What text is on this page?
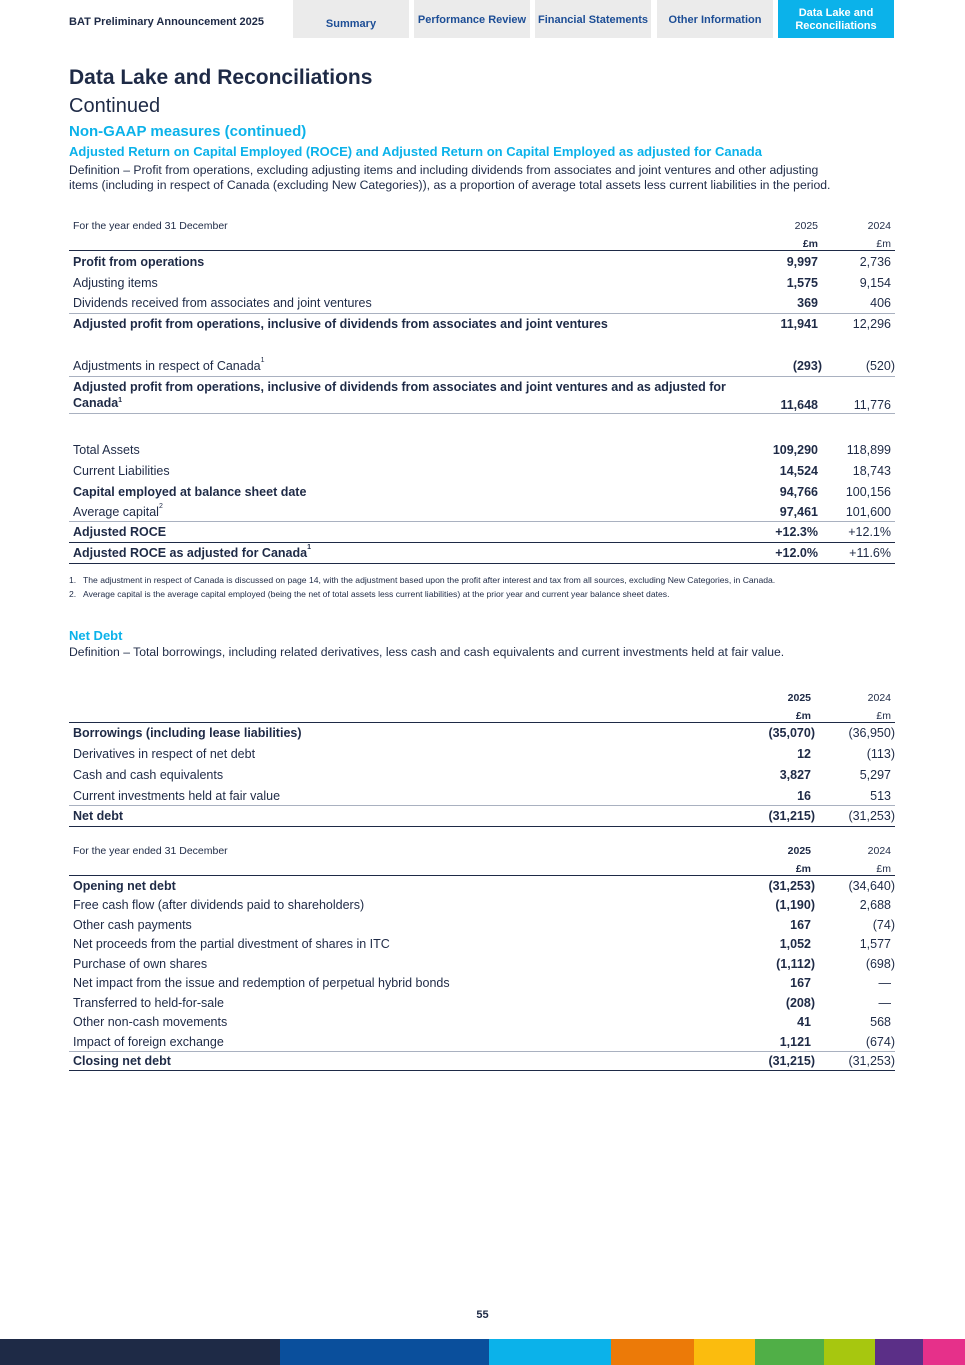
BAT Preliminary Announcement 2025	Summary	Performance Review	Financial Statements	Other Information
Data Lake and Reconciliations
Data Lake and Reconciliations
Continued
Non-GAAP measures (continued)
Adjusted Return on Capital Employed (ROCE) and Adjusted Return on Capital Employed as adjusted for Canada
Definition – Profit from operations, excluding adjusting items and including dividends from associates and joint ventures and other adjusting items (including in respect of Canada (excluding New Categories)), as a proportion of average total assets less current liabilities in the period.
For the year ended 31 December	2025	2024
£m	£m
Profit from operations	9,997	2,736
Adjusting items	1,575	9,154
Dividends received from associates and joint ventures	369	406
Adjusted profit from operations, inclusive of dividends from associates and joint ventures	11,941	12,296
Adjustments in respect of Canada$^1$	(293)	(520)
Adjusted profit from operations, inclusive of dividends from associates and joint ventures and as adjusted for Canada$^1$	11,648	11,776
Total Assets	109,290 118,899
Current Liabilities	14,524	18,743
Capital employed at balance sheet date	94,766 100,156
Average capital$^2$	97,461 101,600
Adjusted ROCE	+12.3% +12.1%
Adjusted ROCE as adjusted for Canada$^1$	+12.0% +11.6%
1. The adjustment in respect of Canada is discussed on page 14, with the adjustment based upon the profit after interest and tax from all sources, excluding New Categories, in Canada.
2. Average capital is the average capital employed (being the net of total assets less current liabilities) at the prior year and current year balance sheet dates.
Net Debt
Definition – Total borrowings, including related derivatives, less cash and cash equivalents and current investments held at fair value.
2025	2024
£m	£m
Borrowings (including lease liabilities)	(35,070)	(36,950)
Derivatives in respect of net debt	12	(113)
Cash and cash equivalents	3,827	5,297
Current investments held at fair value	16	513
Net debt	(31,215)	(31,253)
For the year ended 31 December	2025	2024
£m	£m
Opening net debt	(31,253)	(34,640)
Free cash flow (after dividends paid to shareholders)	(1,190)	2,688
Other cash payments	167	(74)
Net proceeds from the partial divestment of shares in ITC	1,052	1,577
Purchase of own shares	(1,112)	(698)
Net impact from the issue and redemption of perpetual hybrid bonds	167	—
Transferred to held-for-sale	(208)	—
Other non-cash movements	41	568
Impact of foreign exchange	1,121	(674)
Closing net debt	(31,215)	(31,253)
55
